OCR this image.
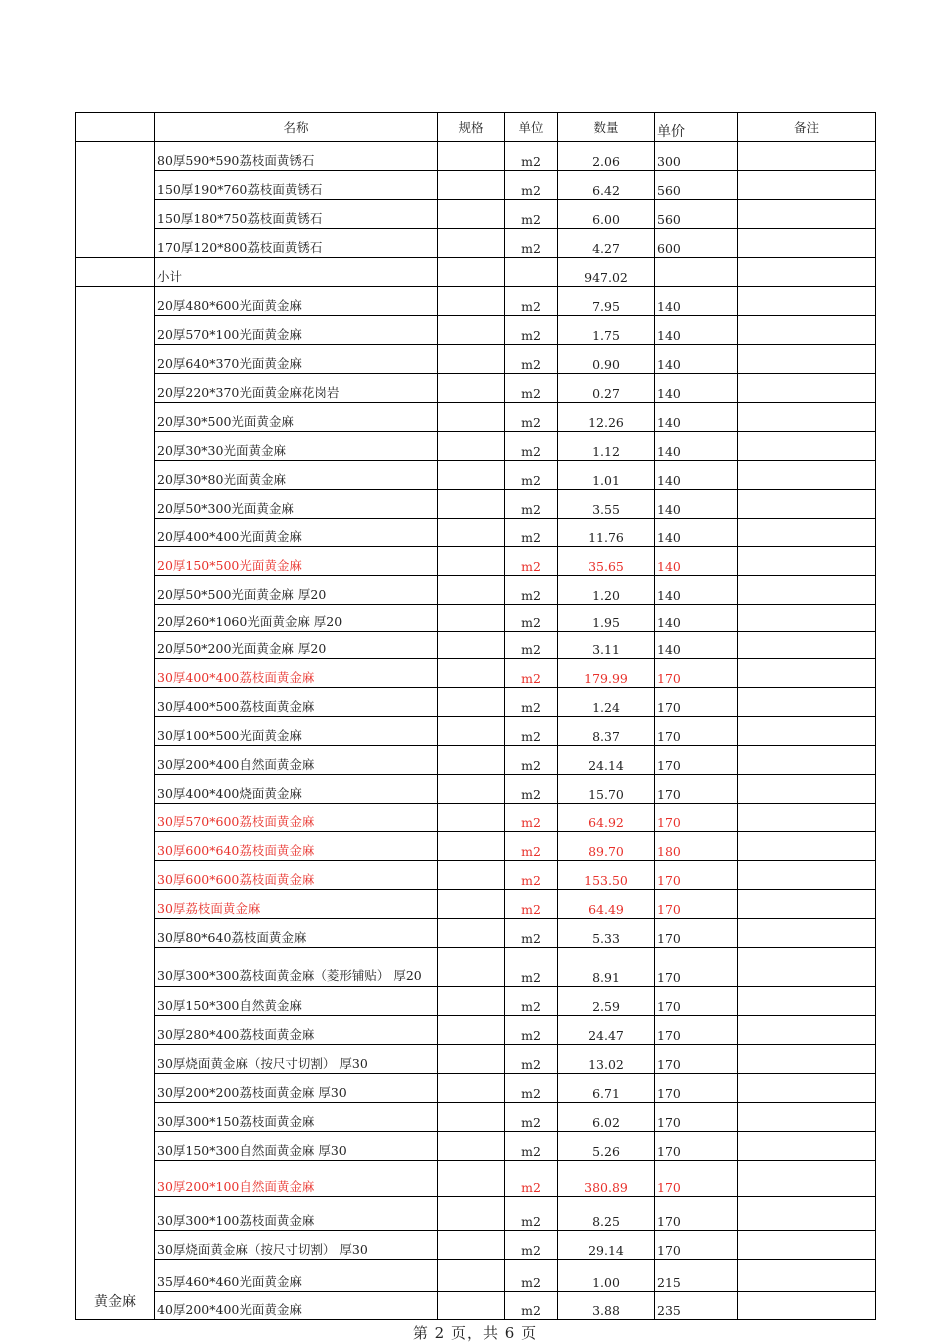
	名称	规格	单位	数量	单价	备注
	80厚590*590荔枝面黄锈石		m2	2.06	300	
	150厚190*760荔枝面黄锈石		m2	6.42	560	
	150厚180*750荔枝面黄锈石		m2	6.00	560	
	170厚120*800荔枝面黄锈石		m2	4.27	600	
	小计			947.02		
黄金麻	20厚480*600光面黄金麻		m2	7.95	140	
	20厚570*100光面黄金麻		m2	1.75	140	
	20厚640*370光面黄金麻		m2	0.90	140	
	20厚220*370光面黄金麻花岗岩		m2	0.27	140	
	20厚30*500光面黄金麻		m2	12.26	140	
	20厚30*30光面黄金麻		m2	1.12	140	
	20厚30*80光面黄金麻		m2	1.01	140	
	20厚50*300光面黄金麻		m2	3.55	140	
	20厚400*400光面黄金麻		m2	11.76	140	
	20厚150*500光面黄金麻		m2	35.65	140	
	20厚50*500光面黄金麻 厚20		m2	1.20	140	
	20厚260*1060光面黄金麻 厚20		m2	1.95	140	
	20厚50*200光面黄金麻 厚20		m2	3.11	140	
	30厚400*400荔枝面黄金麻		m2	179.99	170	
	30厚400*500荔枝面黄金麻		m2	1.24	170	
	30厚100*500光面黄金麻		m2	8.37	170	
	30厚200*400自然面黄金麻		m2	24.14	170	
	30厚400*400烧面黄金麻		m2	15.70	170	
	30厚570*600荔枝面黄金麻		m2	64.92	170	
	30厚600*640荔枝面黄金麻		m2	89.70	180	
	30厚600*600荔枝面黄金麻		m2	153.50	170	
	30厚荔枝面黄金麻		m2	64.49	170	
	30厚80*640荔枝面黄金麻		m2	5.33	170	
	30厚300*300荔枝面黄金麻（菱形铺贴） 厚20		m2	8.91	170	
	30厚150*300自然黄金麻		m2	2.59	170	
	30厚280*400荔枝面黄金麻		m2	24.47	170	
	30厚烧面黄金麻（按尺寸切割） 厚30		m2	13.02	170	
	30厚200*200荔枝面黄金麻 厚30		m2	6.71	170	
	30厚300*150荔枝面黄金麻		m2	6.02	170	
	30厚150*300自然面黄金麻 厚30		m2	5.26	170	
	30厚200*100自然面黄金麻		m2	380.89	170	
	30厚300*100荔枝面黄金麻		m2	8.25	170	
	30厚烧面黄金麻（按尺寸切割） 厚30		m2	29.14	170	
	35厚460*460光面黄金麻		m2	1.00	215	
	40厚200*400光面黄金麻		m2	3.88	235	
第 2 页，共 6 页
